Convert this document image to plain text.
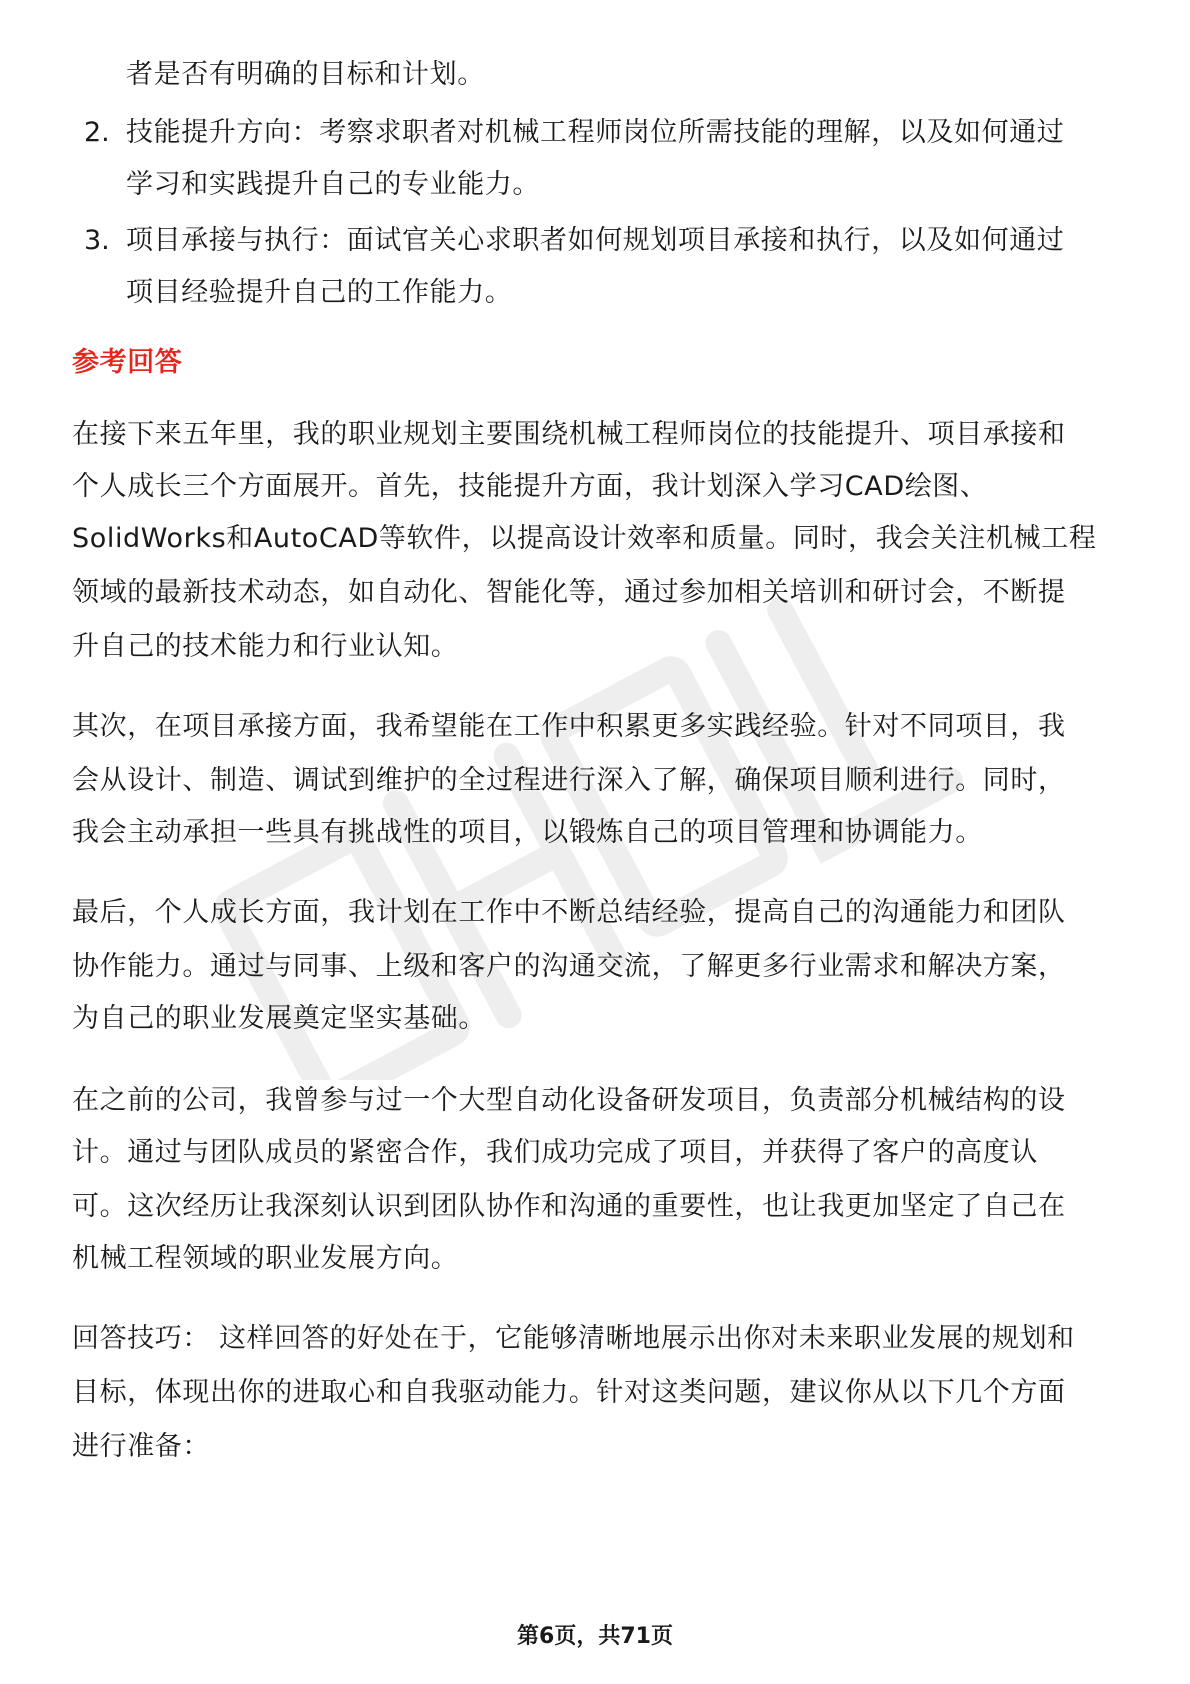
者是否有明确的目标和计划。
2. 技能提升方向：考察求职者对机械工程师岗位所需技能的理解，以及如何通过
学习和实践提升自己的专业能力。
3. 项目承接与执行：面试官关心求职者如何规划项目承接和执行，以及如何通过
项目经验提升自己的工作能力。
参考回答
在接下来五年里，我的职业规划主要围绕机械工程师岗位的技能提升、项目承接和
个人成长三个方面展开。首先，技能提升方面，我计划深入学习CAD绘图、
SolidWorks和AutoCAD等软件，以提高设计效率和质量。同时，我会关注机械工程
领域的最新技术动态，如自动化、智能化等，通过参加相关培训和研讨会，不断提
升自己的技术能力和行业认知。
其次，在项目承接方面，我希望能在工作中积累更多实践经验。针对不同项目，我
会从设计、制造、调试到维护的全过程进行深入了解，确保项目顺利进行。同时，
我会主动承担一些具有挑战性的项目，以锻炼自己的项目管理和协调能力。
最后，个人成长方面，我计划在工作中不断总结经验，提高自己的沟通能力和团队
协作能力。通过与同事、上级和客户的沟通交流，了解更多行业需求和解决方案，
为自己的职业发展奠定坚实基础。
在之前的公司，我曾参与过一个大型自动化设备研发项目，负责部分机械结构的设
计。通过与团队成员的紧密合作，我们成功完成了项目，并获得了客户的高度认
可。这次经历让我深刻认识到团队协作和沟通的重要性，也让我更加坚定了自己在
机械工程领域的职业发展方向。
回答技巧： 这样回答的好处在于，它能够清晰地展示出你对未来职业发展的规划和
目标，体现出你的进取心和自我驱动能力。针对这类问题，建议你从以下几个方面
进行准备：
第6页，共71页
